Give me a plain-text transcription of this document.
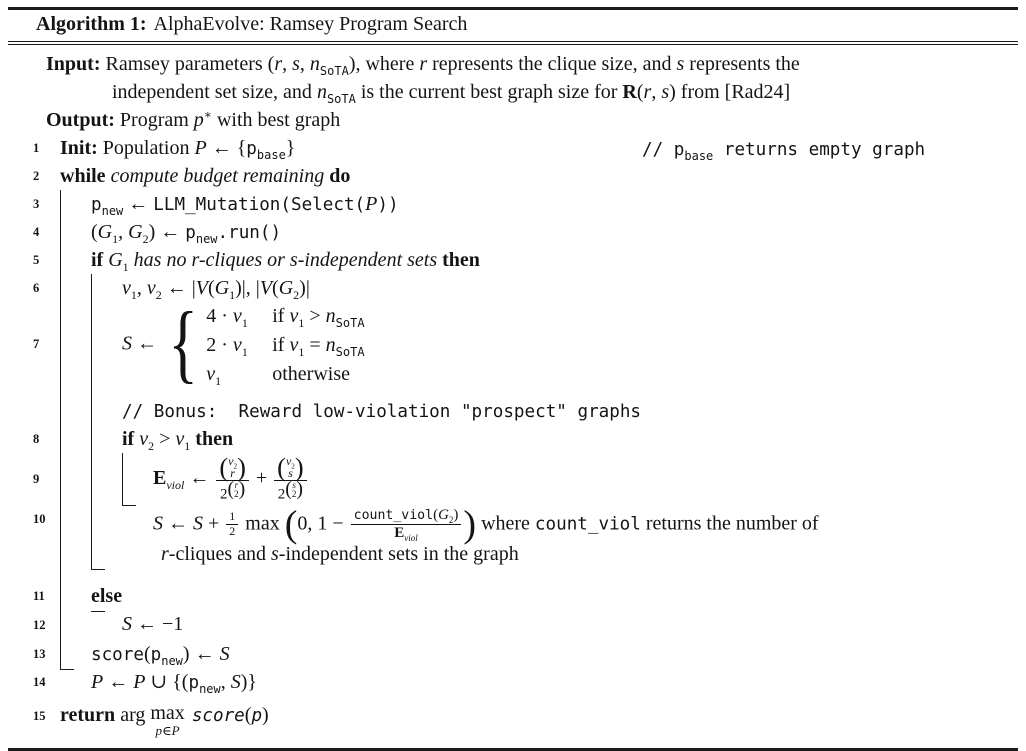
Algorithm 1: AlphaEvolve: Ramsey Program Search
Input: Ramsey parameters (r, s, $n_{SoTA}$), where r represents the clique size, and s represents the
independent set size, and $n_{SoTA}$ is the current best graph size for R(r, s) from [Rad24]
Output: Program p∗ with best graph
1	Init: Population P ← $\{p_{base}\}$	// $p_{base}$ returns empty graph
2	while compute budget remaining do
3	$p_{new}$ ← LLM_Mutation(Select(P))
4	($G_1$, $G_2$) ← $p_{new}.run()$
5	if $G_1$ has no r-cliques or s-independent sets then
6	$v_1$, $v_2$ ← $|V(G_1)|$, $|V(G_2)|$
7	S ← { $4 \cdot v_1$	if $v_1 > n_{SoTA}$
$2 \cdot v_1$	if $v_1 = n_{SoTA}$
$v_1$	otherwise
// Bonus:  Reward low-violation "prospect" graphs
8	if $v_2 > v_1$ then
9	$E_{viol}$ ← ( $v_2$
r )
2 $^{( r 2 )}$ + ( $v_2$
s )
2 $^{( s 2 )}$
10	S ← $S + \frac{1}{2}$ max (0, $1 - \frac{count\_viol(G_2)}{E_{viol}}$ ) where count_viol returns the number of
r-cliques and s-independent sets in the graph
11	else
12	S ← −1
13	$score(p_{new})$ ← S
14	P ← P ∪ {($p_{new}$, S)}
15 return arg max
p∈P
score(p)
